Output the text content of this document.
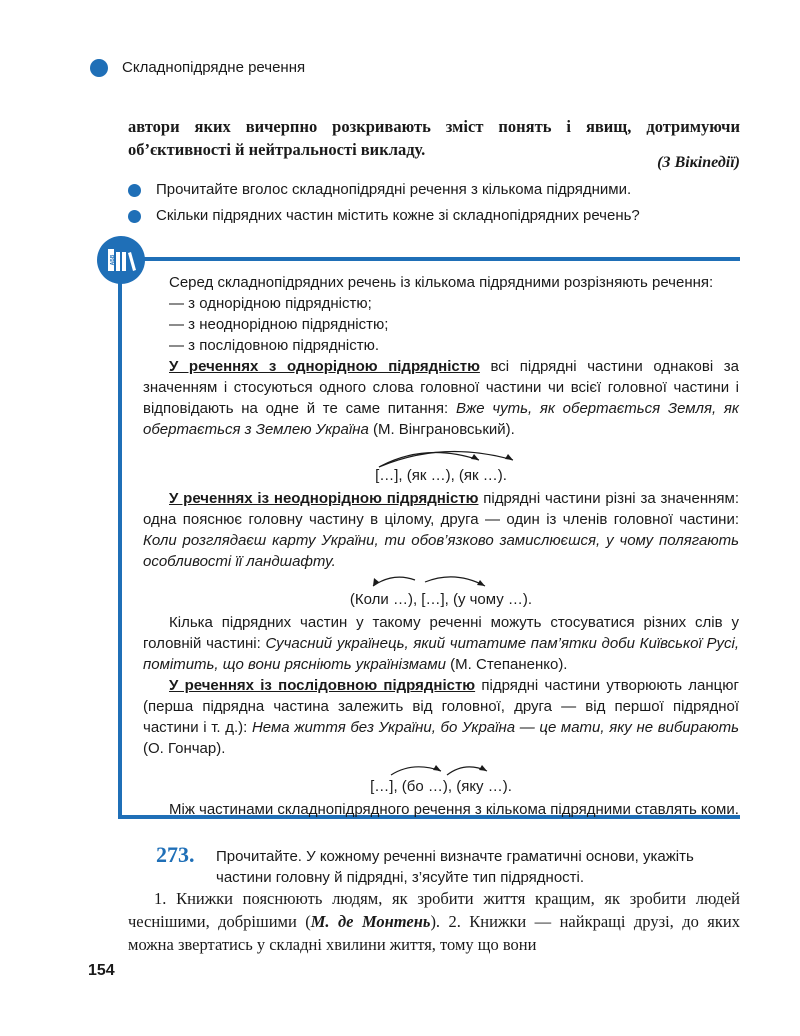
Складнопідрядне речення
автори яких вичерпно розкривають зміст понять і явищ, дотримуючи об’єктивності й нейтральності викладу.
(З Вікіпедії)
Прочитайте вголос складнопідрядні речення з кількома підрядними.
Скільки підрядних частин містить кожне зі складнопідрядних речень?
АБВ

Серед складнопідрядних речень із кількома підрядними розрізняють речення:

— з однорідною підрядністю;

— з неоднорідною підрядністю;

— з послідовною підрядністю.

У реченнях з однорідною підрядністю всі підрядні частини однакові за значенням і стосуються одного слова головної частини чи всієї головної частини і відповідають на одне й те саме питання: Вже чуть, як обертається Земля, як обертається з Землею Україна (М. Вінграновський).

[…], (як …), (як …).

У реченнях із неоднорідною підрядністю підрядні частини різні за значенням: одна пояснює головну частину в цілому, друга — один із членів головної частини: Коли розглядаєш карту України, ти обов’язково замислюєшся, у чому полягають особливості її ландшафту.

(Коли …), […], (у чому …).

Кілька підрядних частин у такому реченні можуть стосуватися різних слів у головній частині: Сучасний українець, який читатиме пам’ятки доби Київської Русі, помітить, що вони рясніють українізмами (М. Степаненко).

У реченнях із послідовною підрядністю підрядні частини утворюють ланцюг (перша підрядна частина залежить від головної, друга — від першої підрядної частини і т. д.): Нема життя без України, бо Україна — це мати, яку не вибирають (О. Гончар).

[…], (бо …), (яку …).

Між частинами складнопідрядного речення з кількома підрядними ставлять коми.

273. Прочитайте. У кожному реченні визначте граматичні основи, укажіть частини головну й підрядні, з’ясуйте тип підрядності.

1. Книжки пояснюють людям, як зробити життя кращим, як зробити людей чеснішими, добрішими (М. де Монтень). 2. Книжки — найкращі друзі, до яких можна звертатись у складні хвилини життя, тому що вони

154
